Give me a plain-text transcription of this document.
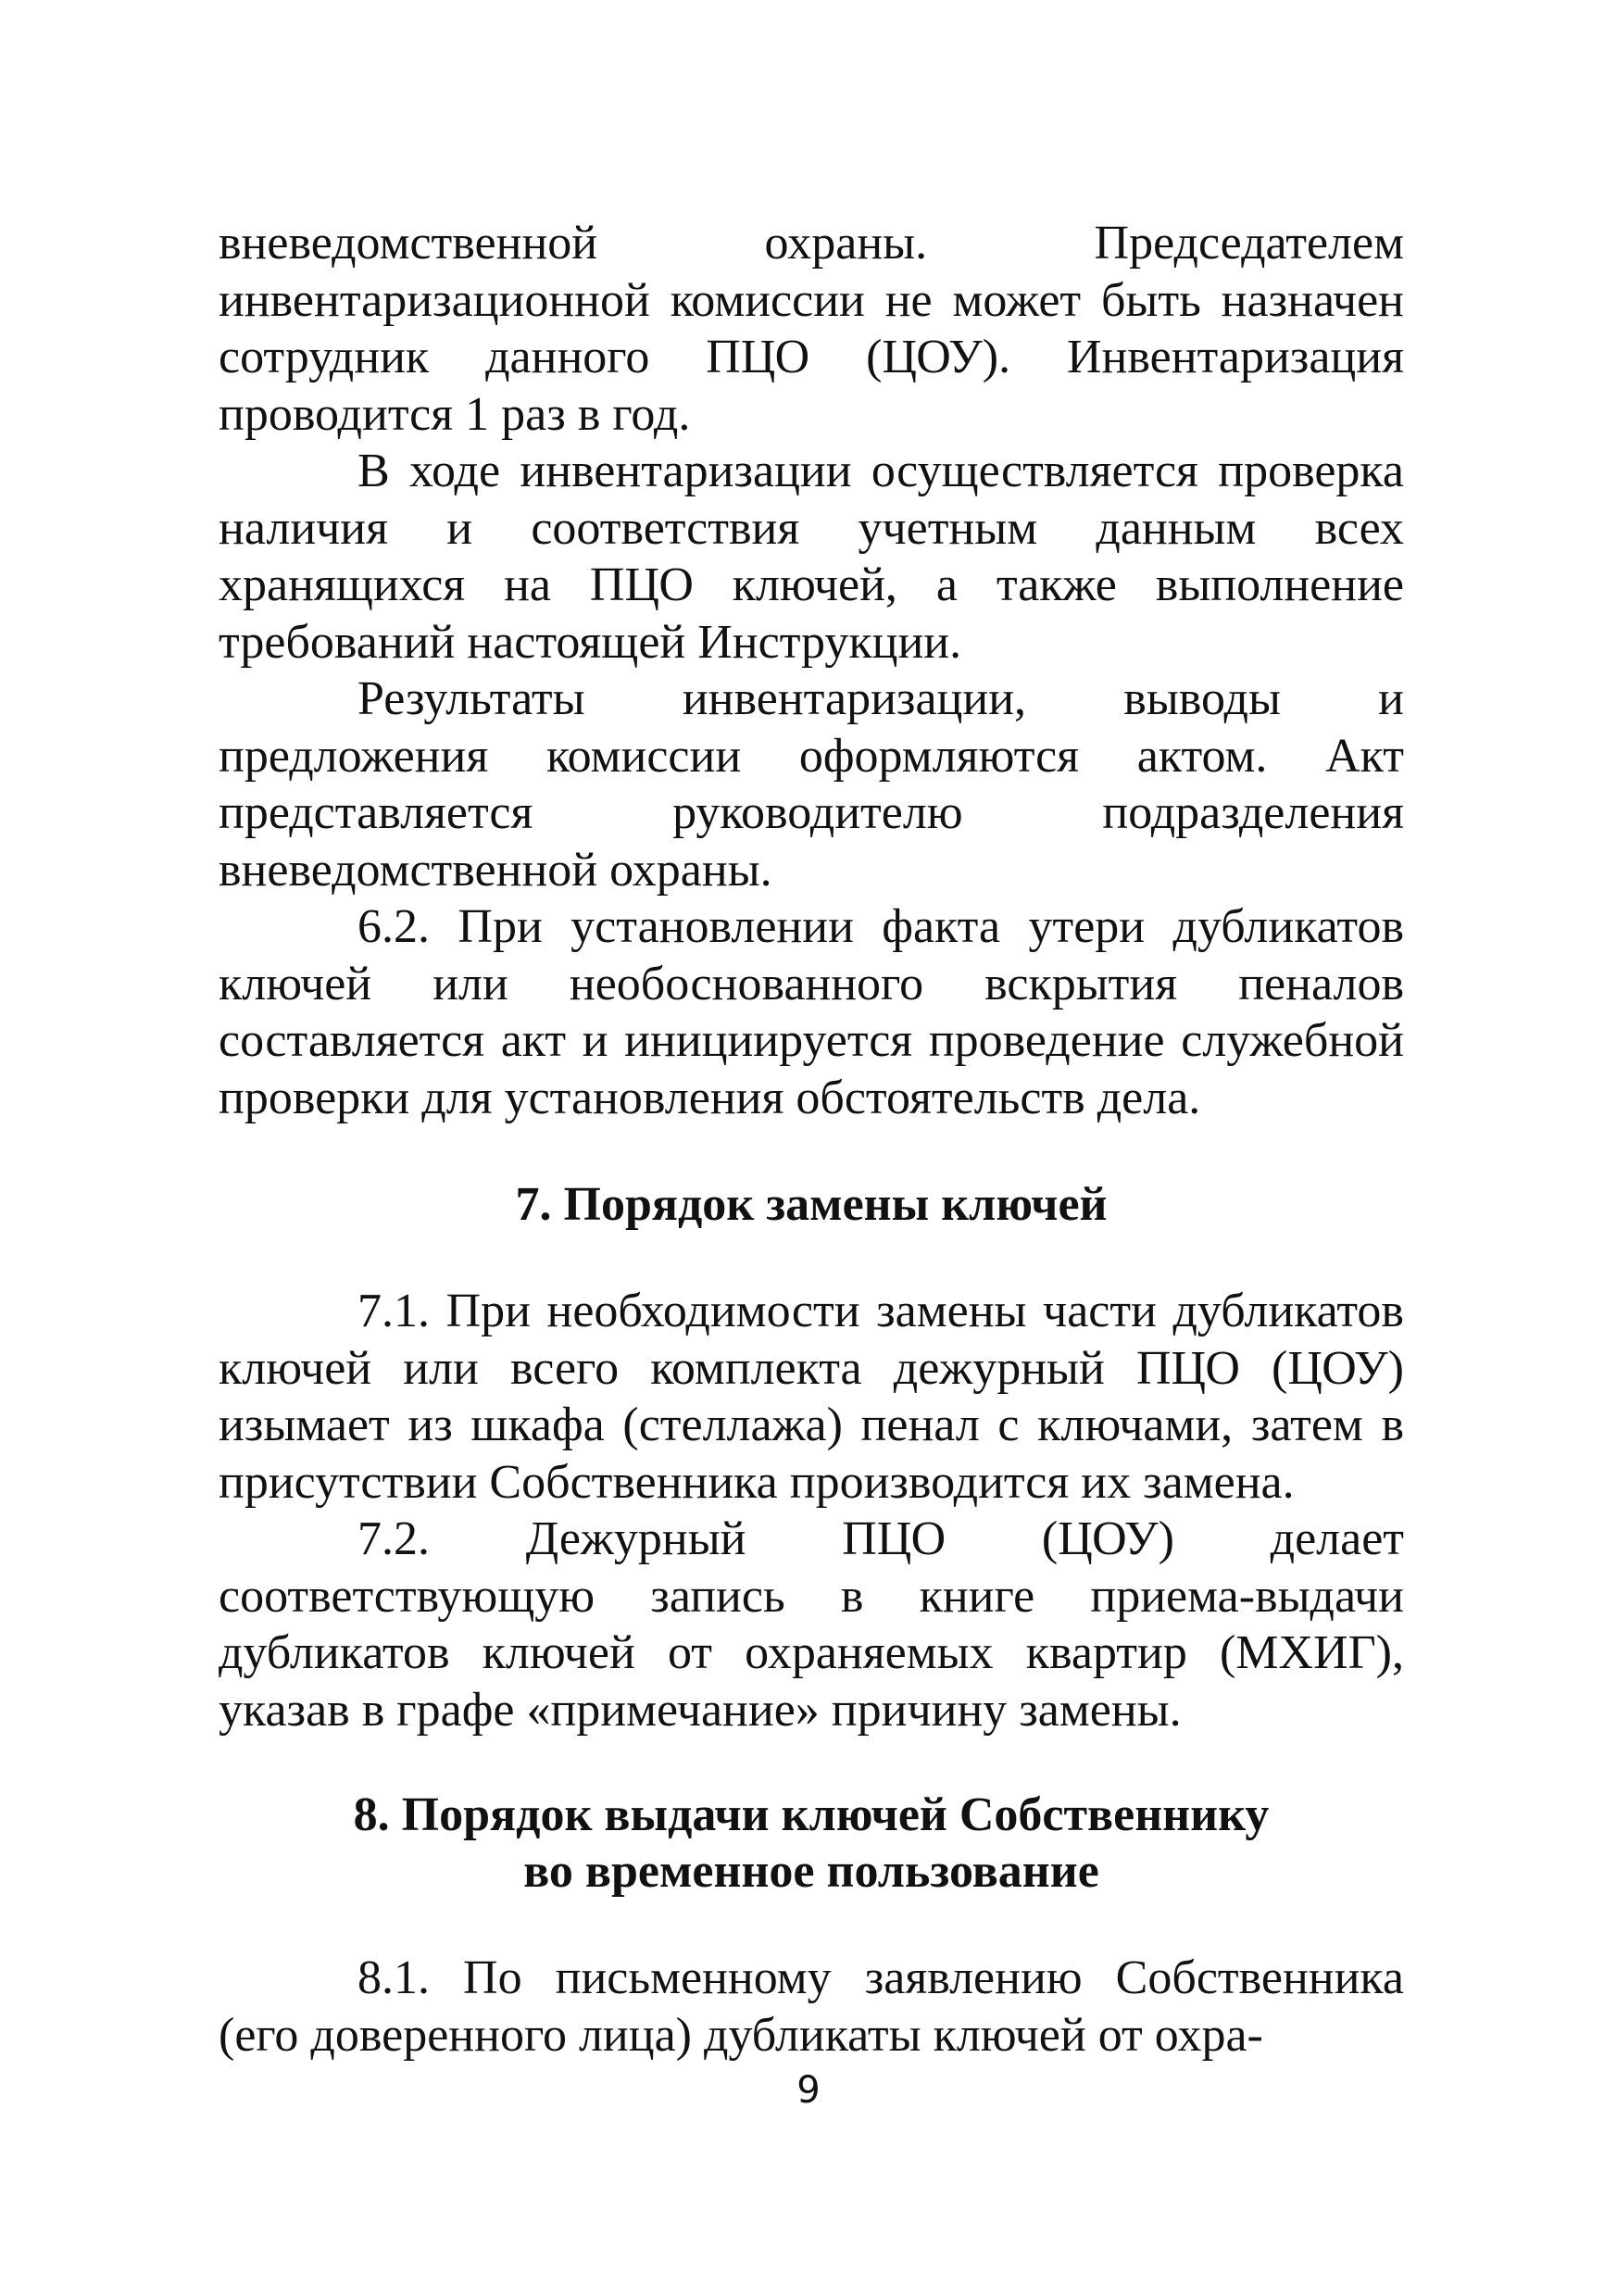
вневедомственной охраны. Председателем инвентаризационной комиссии не может быть назначен сотрудник данного ПЦО (ЦОУ). Инвентаризация проводится 1 раз в год.

В ходе инвентаризации осуществляется проверка наличия и соответствия учетным данным всех хранящихся на ПЦО ключей, а также выполнение требований настоящей Инструкции.

Результаты инвентаризации, выводы и предложения комиссии оформляются актом. Акт представляется руководителю подразделения вневедомственной охраны.

6.2. При установлении факта утери дубликатов ключей или необоснованного вскрытия пеналов составляется акт и инициируется проведение служебной проверки для установления обстоятельств дела.

7. Порядок замены ключей

7.1. При необходимости замены части дубликатов ключей или всего комплекта дежурный ПЦО (ЦОУ) изымает из шкафа (стеллажа) пенал с ключами, затем в присутствии Собственника производится их замена.

7.2. Дежурный ПЦО (ЦОУ) делает соответствующую запись в книге приема-выдачи дубликатов ключей от охраняемых квартир (МХИГ), указав в графе «примечание» причину замены.

8. Порядок выдачи ключей Собственнику
во временное пользование

8.1. По письменному заявлению Собственника (его доверенного лица) дубликаты ключей от охра-

9
